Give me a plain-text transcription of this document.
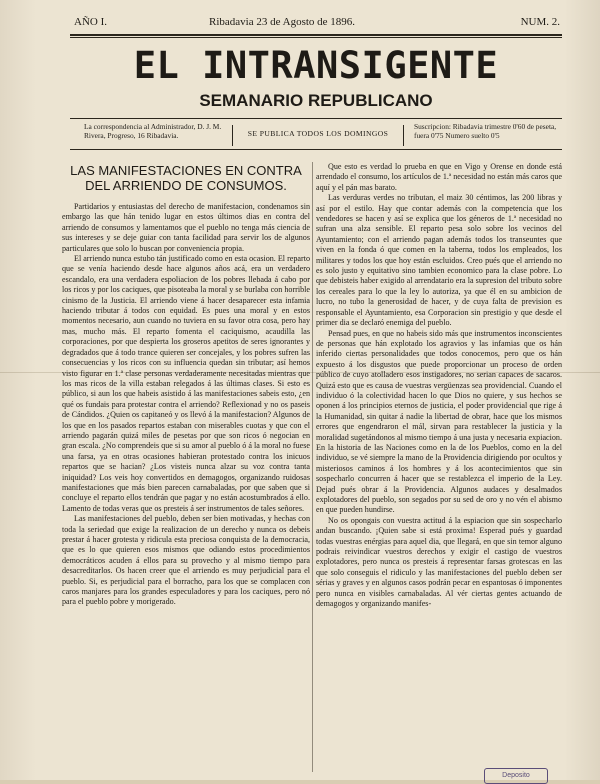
AÑO I.	Ribadavia 23 de Agosto de 1896.	NUM. 2.
EL INTRANSIGENTE
SEMANARIO REPUBLICANO
La correspondencia al Administrador, D. J. M. Rivera, Progreso, 16 Ribadavia.	SE PUBLICA TODOS LOS DOMINGOS
Suscripcion: Ribadavia trimestre 0'60 de peseta, fuera 0'75 Numero suelto 0'5
LAS MANIFESTACIONES EN CONTRA DEL ARRIENDO DE CONSUMOS.

Partidarios y entusiastas del derecho de manifestacion, condenamos sin embargo las que hán tenido lugar en estos últimos dias en contra del arriendo de consumos y lamentamos que el pueblo no tenga más ciencia de sus intereses y se deje guiar con tanta facilidad para servir los de algunos particulares que solo lo buscan por conveniencia propia.

El arriendo nunca estubo tán justificado como en esta ocasion. El reparto que se venía haciendo desde hace algunos años acá, era un verdadero escandalo, era una verdadera espoliacion de los pobres llebada á cabo por los ricos y por los caciques, que pisoteaba la moral y se burlaba con horrible cinismo de la Justicia. El arriendo viene á hacer desaparecer esta infamia haciendo tributar á todos con equidad. Es pues una moral y en estos momentos necesario, aun cuando no tuviera en su favor otra cosa, pero hay mas, mucho más. El reparto fomenta el caciquismo, acaudilla las corporaciones, por que despierta los groseros apetitos de seres ignorantes y degradados que á todo trance quieren ser concejales, y los pobres sufren las consecuencias y los ricos con su influencia quedan sin tributar; así hemos visto figurar en 1.ª clase personas verdaderamente necesitadas mientras que los mas ricos de la villa estaban relegados á las últimas clases. Si esto es público, si aun los que habeis asistido á las manifestaciones sabeis esto, ¿en qué os fundais para protestar contra el arriendo? Reflexionad y no os paseis de Cándidos. ¿Quien os capitaneó y os llevó á la manifestacion? Algunos de los que en los pasados repartos estaban con miserables cuotas y que con el arriendo pagarán quizá miles de pesetas por que son ricos ó negocian en gran escala. ¿No comprendeis que si su amor al pueblo ó á la moral no fuese una farsa, ya en otras ocasiones habieran protestado contra los inicuos repartos que se hacian? ¿Los visteis nunca alzar su voz contra tanta iniquidad? Los veis hoy convertidos en demagogos, organizando ruidosas manifestaciones que más bien parecen carnabaladas, por que saben que si concluye el reparto ellos tendrán que pagar y no están acostumbrados á ello. Lamento de todas veras que os presteis á ser instrumentos de tales señores.

Las manifestaciones del pueblo, deben ser bien motivadas, y hechas con toda la seriedad que exige la realizacion de un derecho y nunca os debeis prestar á hacer grotesta y ridicula esta preciosa conquista de la democracia, que es lo que quieren esos mismos que odiando estos procedimientos democráticos acuden á ellos para su provecho y al mismo tiempo para desacreditarlos. Os hacen creer que el arriendo es muy perjudicial para el pueblo. Si, es perjudicial para el borracho, para los que se complacen con caros manjares para los grandes especuladores y para los caciques, pero nó para el pueblo pobre y morigerado.

Que esto es verdad lo prueba en que en Vigo y Orense en donde está arrendado el consumo, los artículos de 1.ª necesidad no están más caros que aquí y el pán mas barato.

Las verduras verdes no tributan, el maiz 30 céntimos, las 200 libras y así por el estilo. Hay que contar además con la competencia que los vendedores se hacen y así se explica que los géneros de 1.ª necesidad no sufran una alza sensible. El reparto pesa solo sobre los vecinos del Ayuntamiento; con el arriendo pagan además todos los transeuntes que viven en la fonda ó que comen en la taberna, todos los empleados, los militares y todos los que hoy están escluidos. Creo pués que el arriendo no es solo justo y equitativo sino tambien economico para la clase pobre. Lo que debisteis haber exigido al arrendatario era la supresion del tributo sobre los cereales para lo que la ley lo autoriza, ya que él en su ambicion de lucro, no tubo la generosidad de hacer, y de cuya falta de prevision es responsable el Ayuntamiento, esa Corporacion sin prestigio y que desde el primer dia se declaró enemiga del pueblo.

Pensad pues, en que no habeis sido más que instrumentos inconscientes de personas que hán explotado los agravios y las infamias que os hán inferido ciertas personalidades que todos conocemos, pero que os hán expuesto á los disgustos que puede proporcionar un proceso de orden público de cuyo atolladero esos instigadores, no serian capaces de sacaros. Quizá esto que es causa de vuestras vergüenzas sea providencial. Cuando el individuo ó la colectividad hacen lo que Dios no quiere, y sus hechos se oponen á los principios eternos de justicia, el poder providencial que rige á la Humanidad, sin quitar á nadie la libertad de obrar, hace que los mismos errores que engendraron el mál, sirvan para restablecer la justicia y la moralidad sugetándonos al mismo tiempo á una justa y necesaria expiacion. En la historia de las Naciones como en la de los Pueblos, como en la del individuo, se vé siempre la mano de la Providencia dirigiendo por ocultos y misteriosos caminos á los hombres y á los acontecimientos que sin sospecharlo concurren á hacer que se restablezca el imperio de la Ley. Dejad pués obrar á la Providencia. Algunos audaces y desalmados explotadores del pueblo, son segados por su sed de oro y no vén el abismo en que pueden hundirse.

No os opongais con vuestra actitud á la espiacion que sin sospecharlo andan buscando. ¡Quien sabe si está proxima! Esperad pués y guardad todas vuestras enérgias para aquel dia, que llegará, en que sin temor alguno podrais reivindicar vuestros derechos y exigir el castigo de vuestros explotadores, pero nunca os presteis á representar farsas grotescas en las que solo conseguis el ridiculo y las manifestaciones del pueblo deben ser sérias y graves y en algunos casos podrán pecar en espantosas ó imponentes pero nunca en visibles carnabaladas. Al vér ciertas gentes actuando de demagogos y organizando manifes-

Deposito
